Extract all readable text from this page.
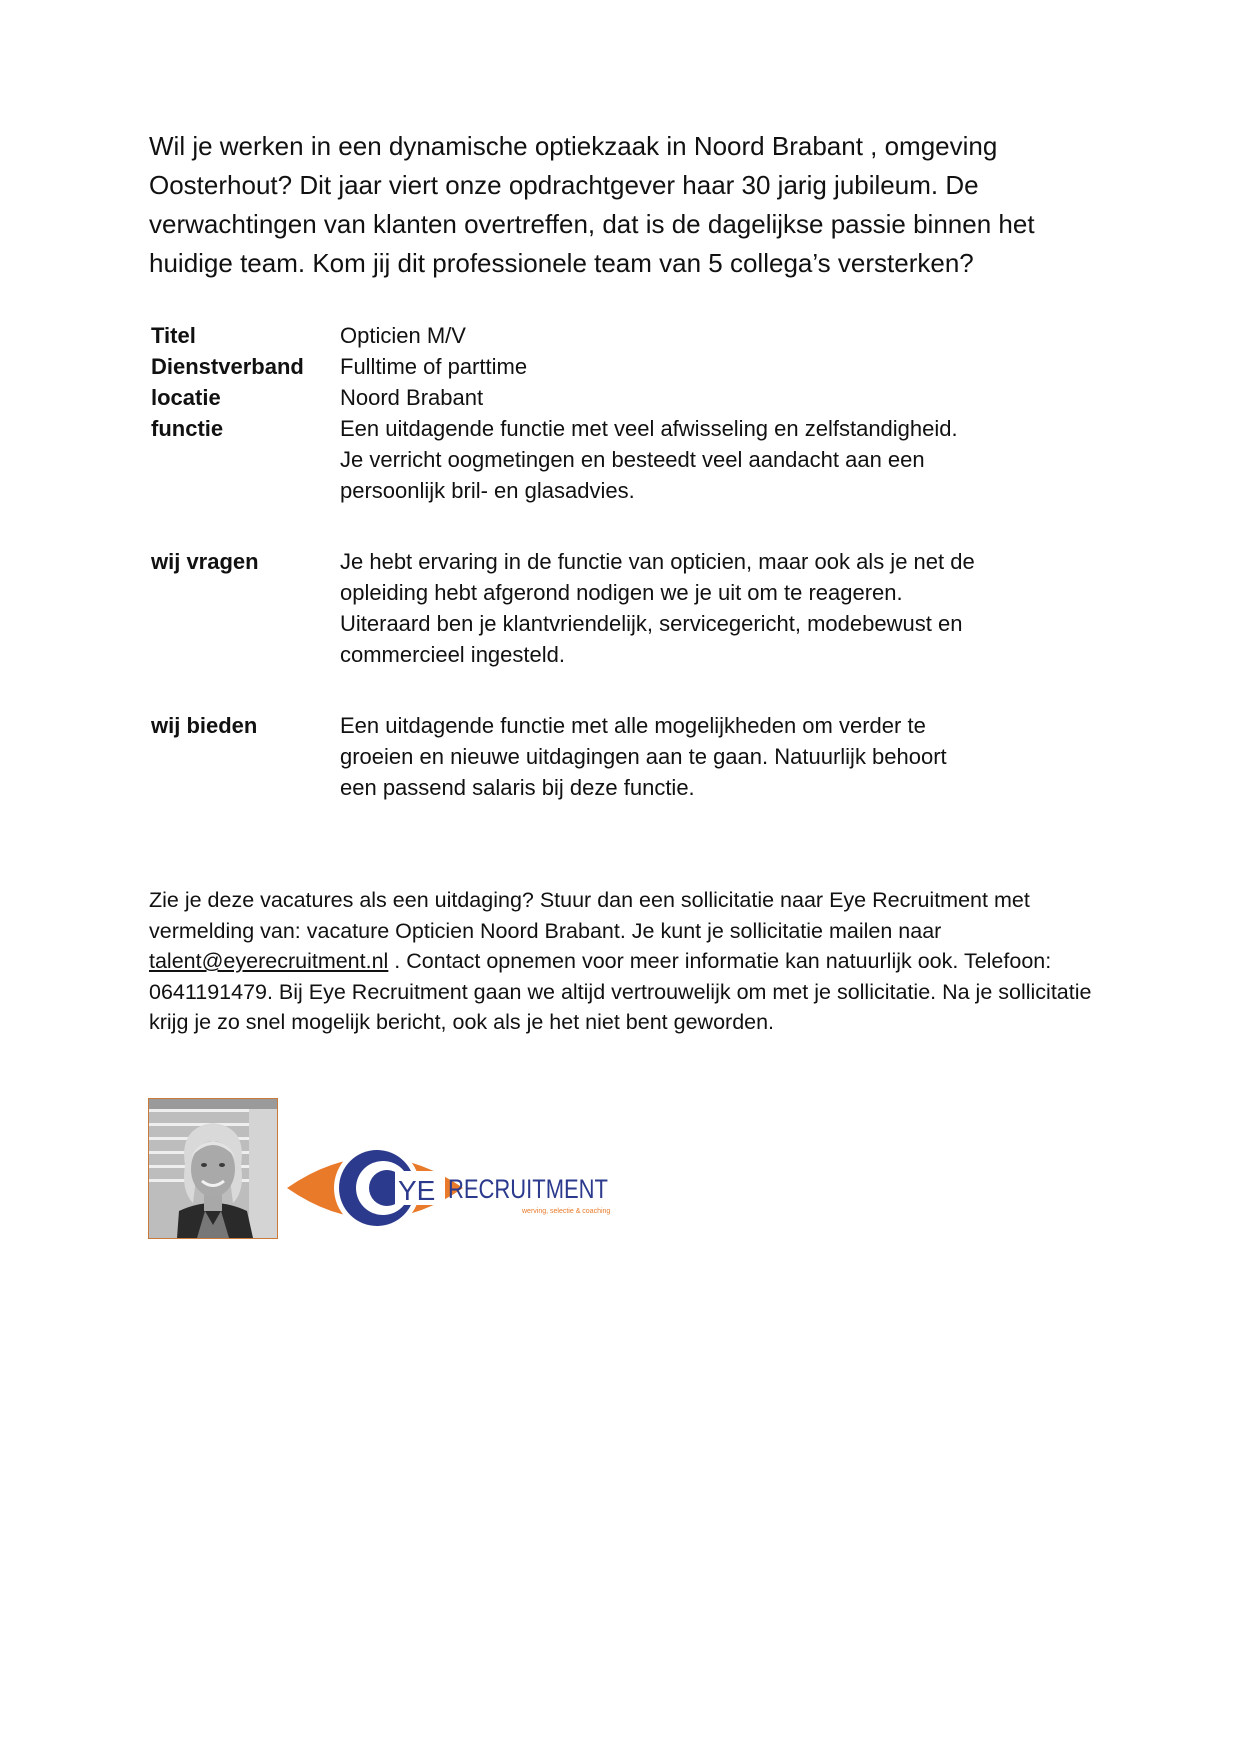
Wil je werken in een dynamische optiekzaak in Noord Brabant , omgeving Oosterhout? Dit jaar viert onze opdrachtgever haar 30 jarig jubileum. De verwachtingen van klanten overtreffen, dat is de dagelijkse passie binnen het huidige team. Kom jij dit professionele team van 5 collega’s versterken?

Titel	Opticien M/V
Dienstverband	Fulltime of parttime
locatie	Noord Brabant
functie	Een uitdagende functie met veel afwisseling en zelfstandigheid. Je verricht oogmetingen en besteedt veel aandacht aan een persoonlijk bril- en glasadvies.
wij vragen	Je hebt ervaring in de functie van opticien, maar ook als je net de opleiding hebt afgerond nodigen we je uit om te reageren. Uiteraard ben je klantvriendelijk, servicegericht, modebewust en commercieel ingesteld.
wij bieden	Een uitdagende functie met alle mogelijkheden om verder te groeien en nieuwe uitdagingen aan te gaan. Natuurlijk behoort een passend salaris bij deze functie.

Zie je deze vacatures als een uitdaging? Stuur dan een sollicitatie naar Eye Recruitment met vermelding van: vacature Opticien Noord Brabant. Je kunt je sollicitatie mailen naar talent@eyerecruitment.nl . Contact opnemen voor meer informatie kan natuurlijk ook. Telefoon: 0641191479. Bij Eye Recruitment gaan we altijd vertrouwelijk om met je sollicitatie. Na je sollicitatie krijg je zo snel mogelijk bericht, ook als je het niet bent geworden.

YE RECRUITMENT
werving, selectie & coaching
